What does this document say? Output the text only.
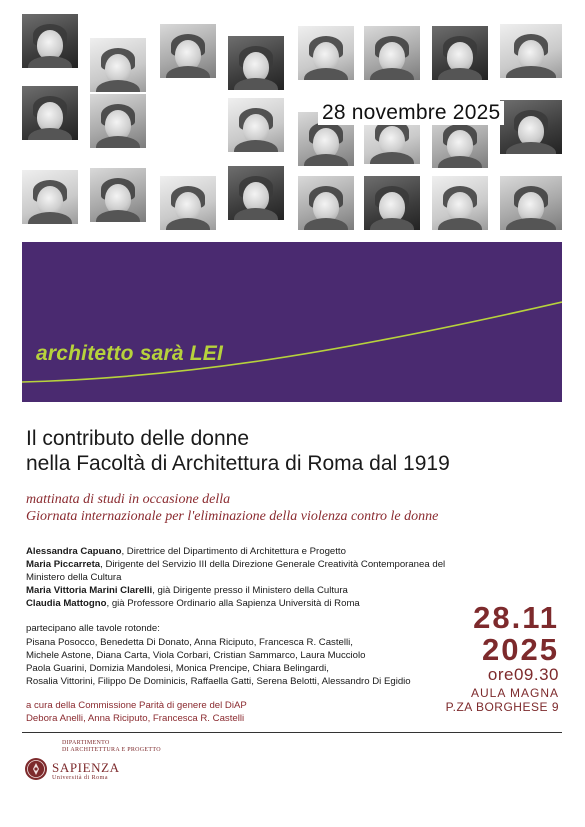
28 novembre 2025
architetto sarà LEI
Il contributo delle donne
nella Facoltà di Architettura di Roma dal 1919
mattinata di studi in occasione della
Giornata internazionale per l'eliminazione della violenza contro le donne
Alessandra Capuano, Direttrice del Dipartimento di Architettura e Progetto
Maria Piccarreta, Dirigente del Servizio III della Direzione Generale Creatività Contemporanea del Ministero della Cultura
Maria Vittoria Marini Clarelli, già Dirigente presso il Ministero della Cultura
Claudia Mattogno, già Professore Ordinario alla Sapienza Università di Roma
partecipano alle tavole rotonde:
Pisana Posocco, Benedetta Di Donato, Anna Riciputo, Francesca R. Castelli,
Michele Astone, Diana Carta, Viola Corbari, Cristian Sammarco, Laura Mucciolo
Paola Guarini, Domizia Mandolesi, Monica Prencipe, Chiara Belingardi,
Rosalia Vittorini, Filippo De Dominicis, Raffaella Gatti, Serena Belotti, Alessandro Di Egidio
a cura della Commissione Parità di genere del DiAP
Debora Anelli, Anna Riciputo, Francesca R. Castelli
28.11
2025
ore09.30
AULA MAGNA
P.ZA BORGHESE 9
DIPARTIMENTO
DI ARCHITETTURA E PROGETTO
SAPIENZA
Università di Roma
